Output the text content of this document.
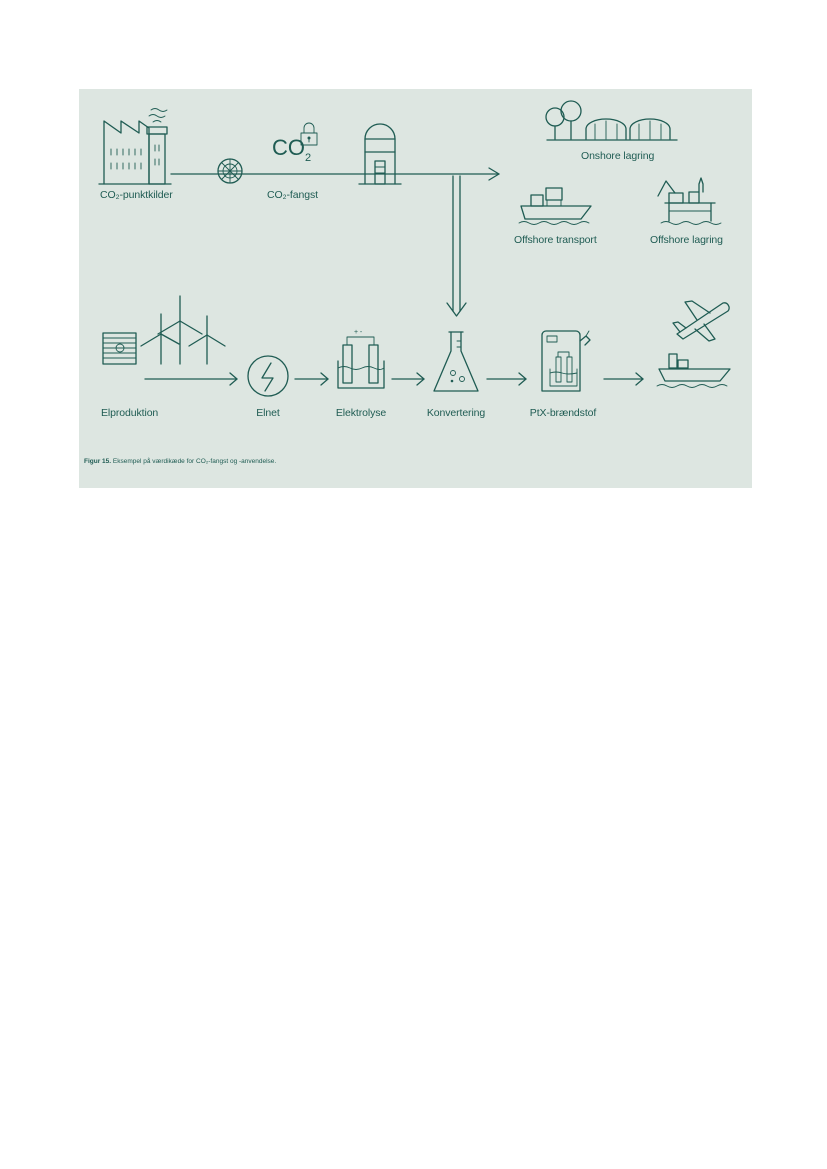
$CO_2$
+ -
CO₂-punktkilder	CO₂-fangst
Onshore lagring
Offshore transport	Offshore lagring
Elproduktion	Elnet	Elektrolyse	Konvertering	PtX-brændstof
Figur 15. Eksempel på værdikæde for CO₂-fangst og -anvendelse.
